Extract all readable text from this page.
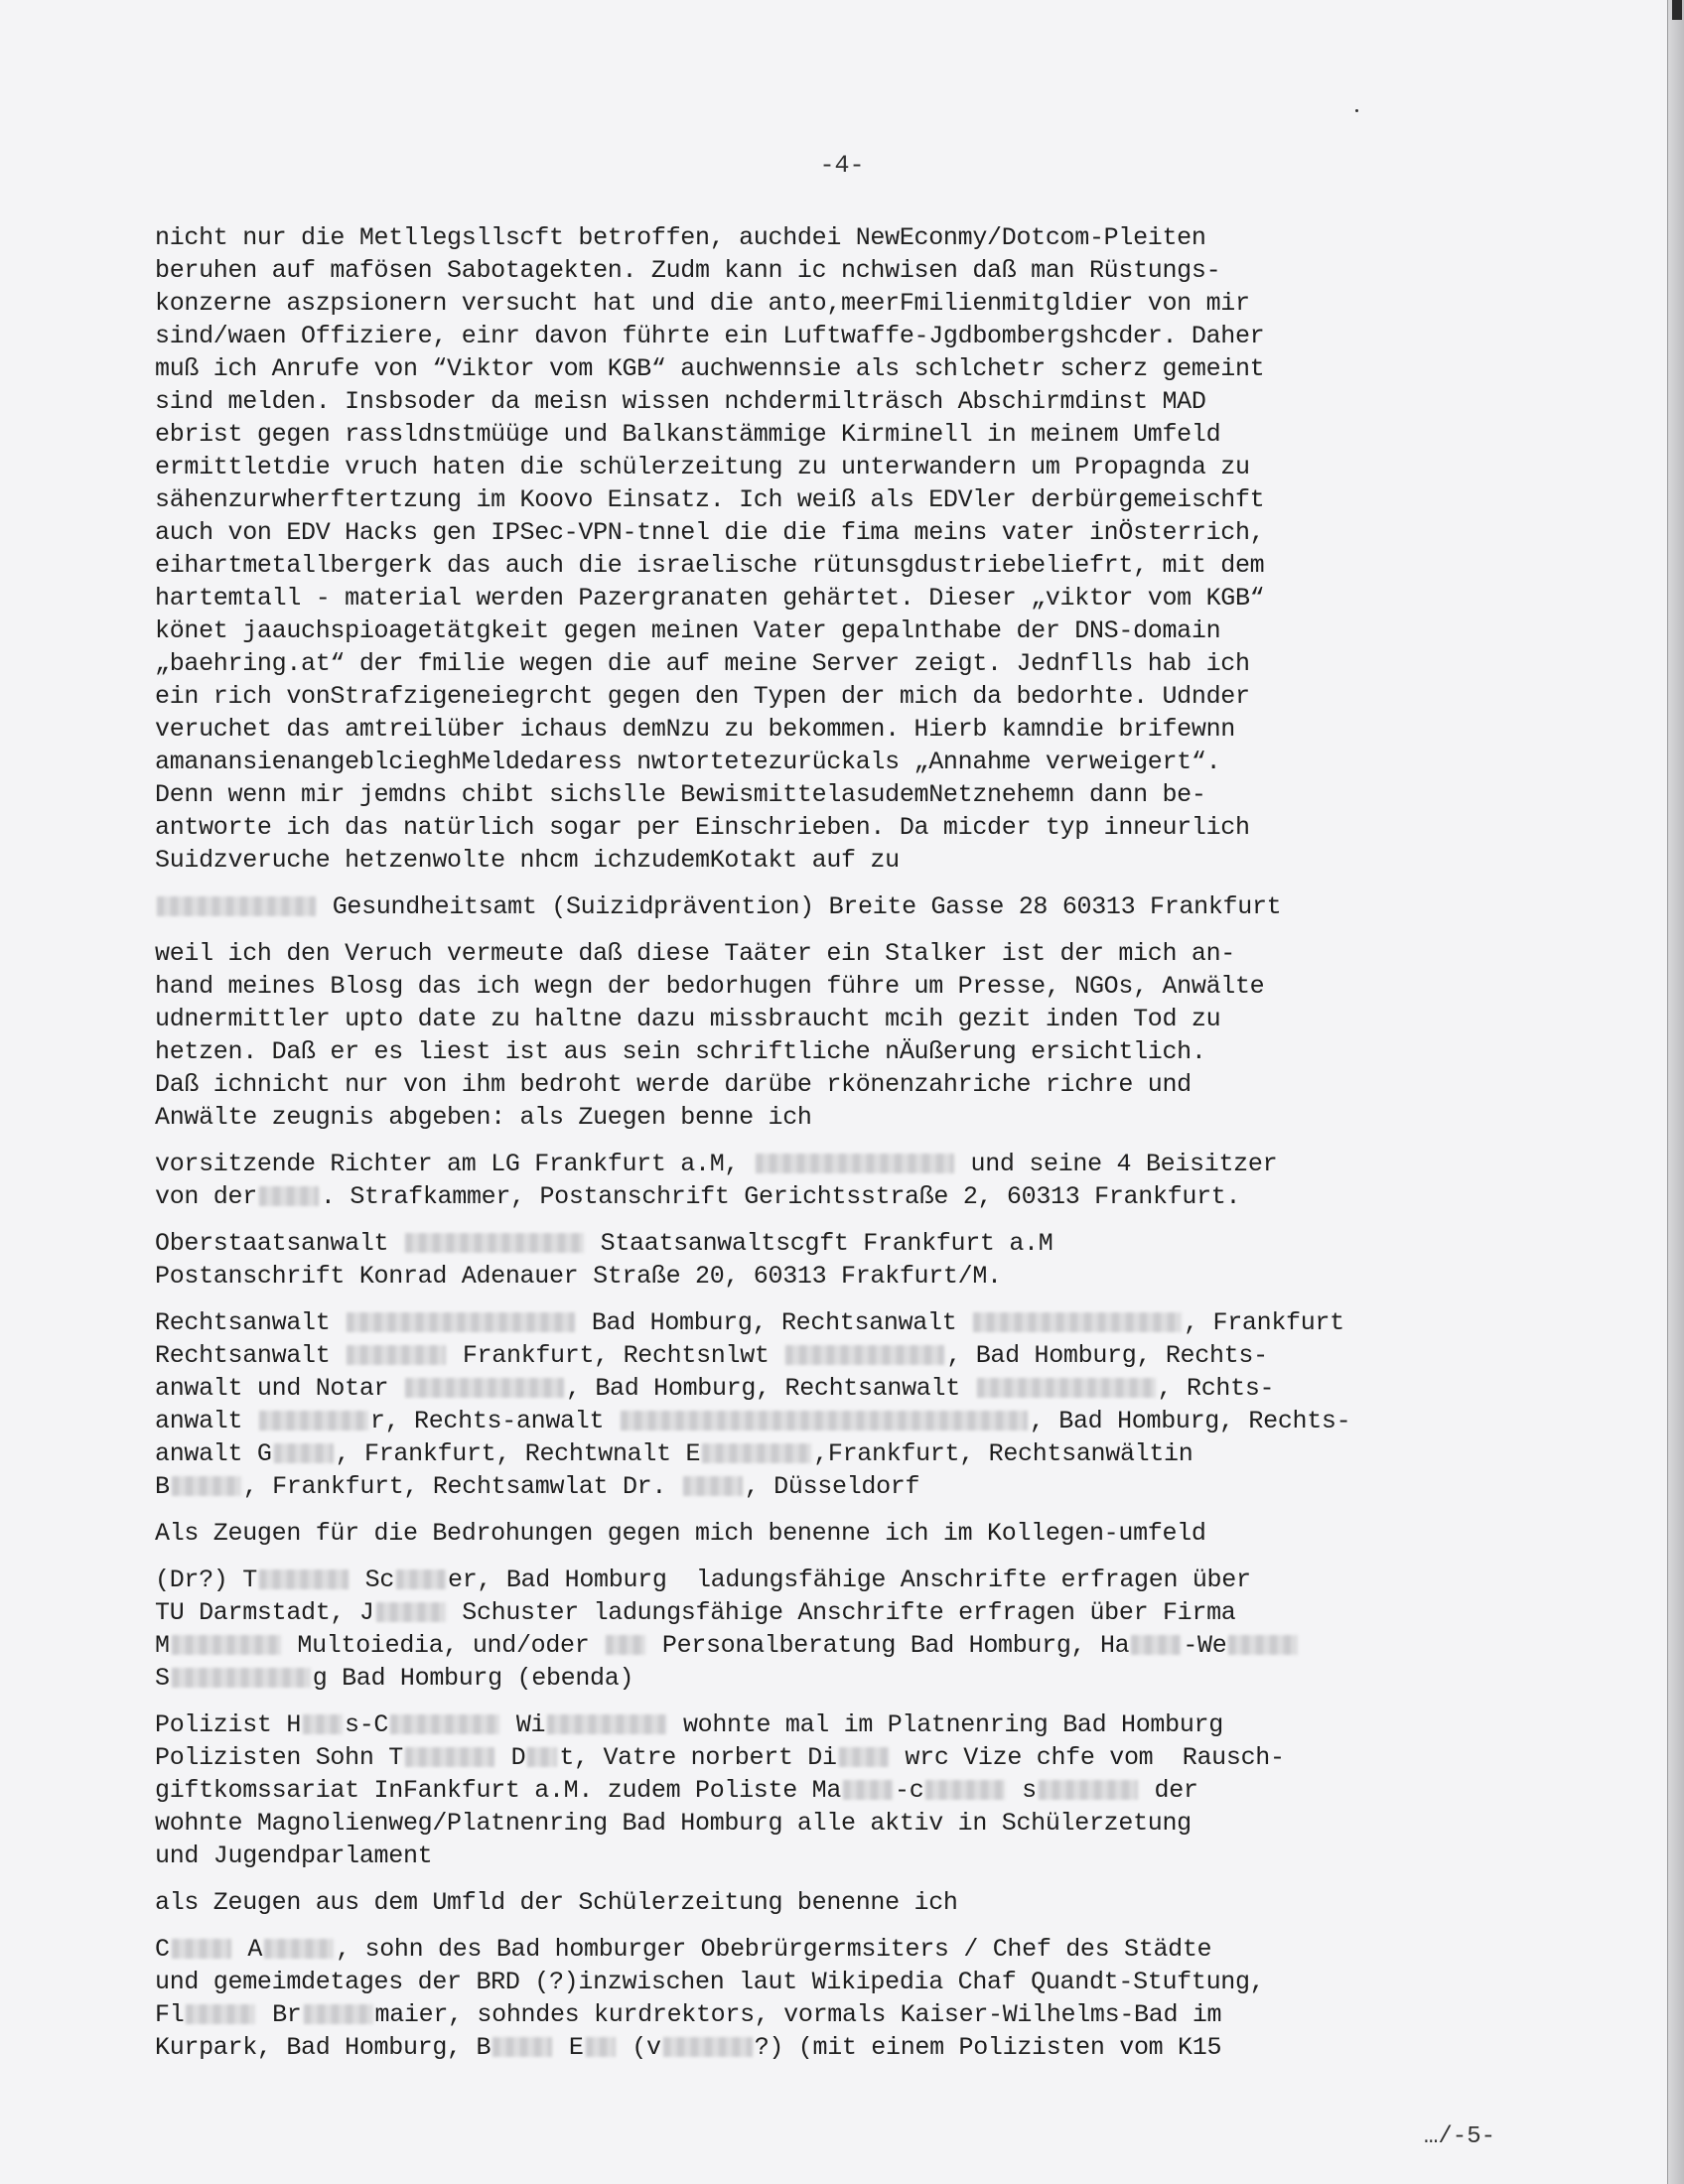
-4-
nicht nur die Metllegsllscft betroffen, auchdei NewEconmy/Dotcom-Pleiten
beruhen auf mafösen Sabotagekten. Zudm kann ic nchwisen daß man Rüstungs-
konzerne aszpsionern versucht hat und die anto,meerFmilienmitgldier von mir
sind/waen Offiziere, einr davon führte ein Luftwaffe-Jgdbombergshcder. Daher
muß ich Anrufe von “Viktor vom KGB“ auchwennsie als schlchetr scherz gemeint
sind melden. Insbsoder da meisn wissen nchdermilträsch Abschirmdinst MAD
ebrist gegen rassldnstmüüge und Balkanstämmige Kirminell in meinem Umfeld
ermittletdie vruch haten die schülerzeitung zu unterwandern um Propagnda zu
sähenzurwherftertzung im Koovo Einsatz. Ich weiß als EDVler derbürgemeischft
auch von EDV Hacks gen IPSec-VPN-tnnel die die fima meins vater inÖsterrich,
eihartmetallbergerk das auch die israelische rütunsgdustriebeliefrt, mit dem
hartemtall - material werden Pazergranaten gehärtet. Dieser „viktor vom KGB“
könet jaauchspioagetätgkeit gegen meinen Vater gepalnthabe der DNS-domain
„baehring.at“ der fmilie wegen die auf meine Server zeigt. Jednflls hab ich
ein rich vonStrafzigeneiegrcht gegen den Typen der mich da bedorhte. Udnder
veruchet das amtreilüber ichaus demNzu zu bekommen. Hierb kamndie brifewnn
amanansienangeblcieghMeldedaress nwtortetezurückals „Annahme verweigert“.
Denn wenn mir jemdns chibt sichslle BewismittelasudemNetznehemn dann be-
antworte ich das natürlich sogar per Einschrieben. Da micder typ inneurlich
Suidzveruche hetzenwolte nhcm ichzudemKotakt auf zu
Gesundheitsamt (Suizidprävention) Breite Gasse 28 60313 Frankfurt
weil ich den Veruch vermeute daß diese Taäter ein Stalker ist der mich an-
hand meines Blosg das ich wegn der bedorhugen führe um Presse, NGOs, Anwälte
udnermittler upto date zu haltne dazu missbraucht mcih gezit inden Tod zu
hetzen. Daß er es liest ist aus sein schriftliche nÄußerung ersichtlich.
Daß ichnicht nur von ihm bedroht werde darübe rkönenzahriche richre und
Anwälte zeugnis abgeben: als Zuegen benne ich
vorsitzende Richter am LG Frankfurt a.M,	und seine 4 Beisitzer
von der	. Strafkammer, Postanschrift Gerichtsstraße 2, 60313 Frankfurt.
Oberstaatsanwalt	Staatsanwaltscgft Frankfurt a.M
Postanschrift Konrad Adenauer Straße 20, 60313 Frakfurt/M.
Rechtsanwalt	Bad Homburg, Rechtsanwalt	, Frankfurt
Rechtsanwalt	Frankfurt, Rechtsnlwt	, Bad Homburg, Rechts-
anwalt und Notar	, Bad Homburg, Rechtsanwalt	, Rchts-
anwalt	r, Rechts-anwalt	, Bad Homburg, Rechts-
anwalt G	, Frankfurt, Rechtwnalt E	,Frankfurt, Rechtsanwältin
B	, Frankfurt, Rechtsamwlat Dr.	, Düsseldorf
Als Zeugen für die Bedrohungen gegen mich benenne ich im Kollegen-umfeld
(Dr?) T	Sc er, Bad Homburg  ladungsfähige Anschrifte erfragen über
TU Darmstadt, J	Schuster ladungsfähige Anschrifte erfragen über Firma
M	Multoiedia, und/oder	Personalberatung Bad Homburg, Ha -We
S	g Bad Homburg (ebenda)
Polizist H s-C	Wi	wohnte mal im Platnenring Bad Homburg
Polizisten Sohn T	D t, Vatre norbert Di wrc Vize chfe vom  Rausch-
giftkomssariat InFankfurt a.M. zudem Poliste Ma -c	s	der
wohnte Magnolienweg/Platnenring Bad Homburg alle aktiv in Schülerzetung
und Jugendparlament
als Zeugen aus dem Umfld der Schülerzeitung benenne ich
C	A	, sohn des Bad homburger Obebrürgermsiters / Chef des Städte
und gemeimdetages der BRD (?)inzwischen laut Wikipedia Chaf Quandt-Stuftung,
Fl	Br	maier, sohndes kurdrektors, vormals Kaiser-Wilhelms-Bad im
Kurpark, Bad Homburg, B	E (v	?) (mit einem Polizisten vom K15
…/-5-
